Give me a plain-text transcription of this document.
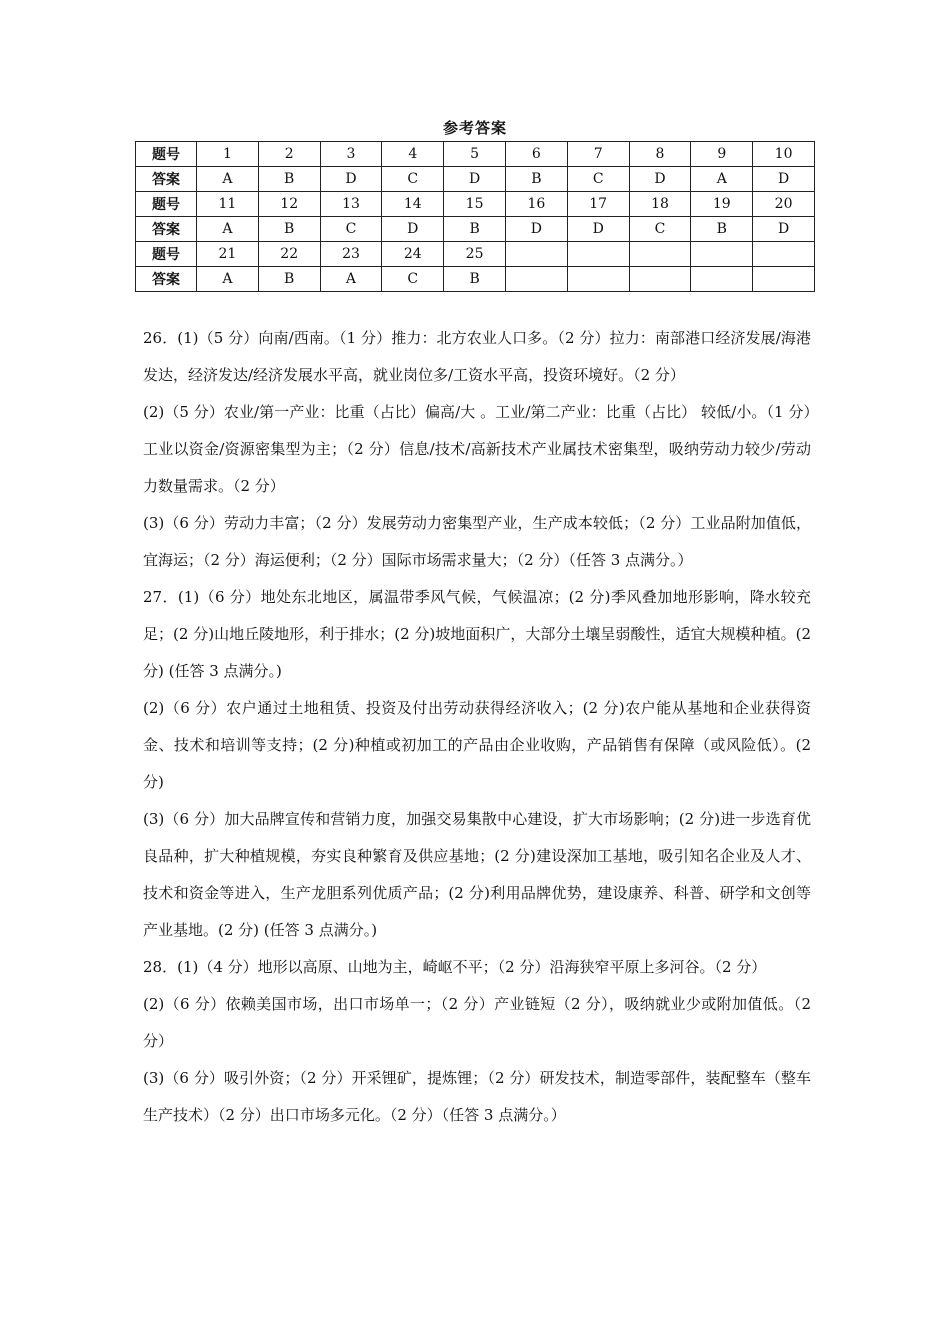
参考答案
题号	1	2	3	4	5	6	7	8	9	10
答案	A	B	D	C	D	B	C	D	A	D
题号	11	12	13	14	15	16	17	18	19	20
答案	A	B	C	D	B	D	D	C	B	D
题号	21	22	23	24	25					
答案	A	B	A	C	B					

26．(1)（5 分）向南/西南。（1 分）推力：北方农业人口多。（2 分）拉力：南部港口经济发展/海港发达，经济发达/经济发展水平高，就业岗位多/工资水平高，投资环境好。（2 分）

(2)（5 分）农业/第一产业：比重（占比）偏高/大 。工业/第二产业：比重（占比） 较低/小。（1 分）工业以资金/资源密集型为主；（2 分）信息/技术/高新技术产业属技术密集型，吸纳劳动力较少/劳动力数量需求。（2 分）

(3)（6 分）劳动力丰富；（2 分）发展劳动力密集型产业，生产成本较低；（2 分）工业品附加值低，宜海运；（2 分）海运便利；（2 分）国际市场需求量大；（2 分）（任答 3 点满分。）

27．(1)（6 分）地处东北地区，属温带季风气候，气候温凉；(2 分)季风叠加地形影响，降水较充足；(2 分)山地丘陵地形，利于排水；(2 分)坡地面积广，大部分土壤呈弱酸性，适宜大规模种植。(2 分) (任答 3 点满分。)

(2)（6 分）农户通过土地租赁、投资及付出劳动获得经济收入；(2 分)农户能从基地和企业获得资金、技术和培训等支持；(2 分)种植或初加工的产品由企业收购，产品销售有保障（或风险低）。(2 分)

(3)（6 分）加大品牌宣传和营销力度，加强交易集散中心建设，扩大市场影响；(2 分)进一步选育优良品种，扩大种植规模，夯实良种繁育及供应基地；(2 分)建设深加工基地，吸引知名企业及人才、技术和资金等进入，生产龙胆系列优质产品；(2 分)利用品牌优势，建设康养、科普、研学和文创等产业基地。(2 分) (任答 3 点满分。)

28．(1)（4 分）地形以高原、山地为主，崎岖不平；（2 分）沿海狭窄平原上多河谷。（2 分）

(2)（6 分）依赖美国市场，出口市场单一；（2 分）产业链短（2 分），吸纳就业少或附加值低。（2 分）

(3)（6 分）吸引外资；（2 分）开采锂矿，提炼锂；（2 分）研发技术，制造零部件，装配整车（整车生产技术）（2 分）出口市场多元化。（2 分）（任答 3 点满分。）
